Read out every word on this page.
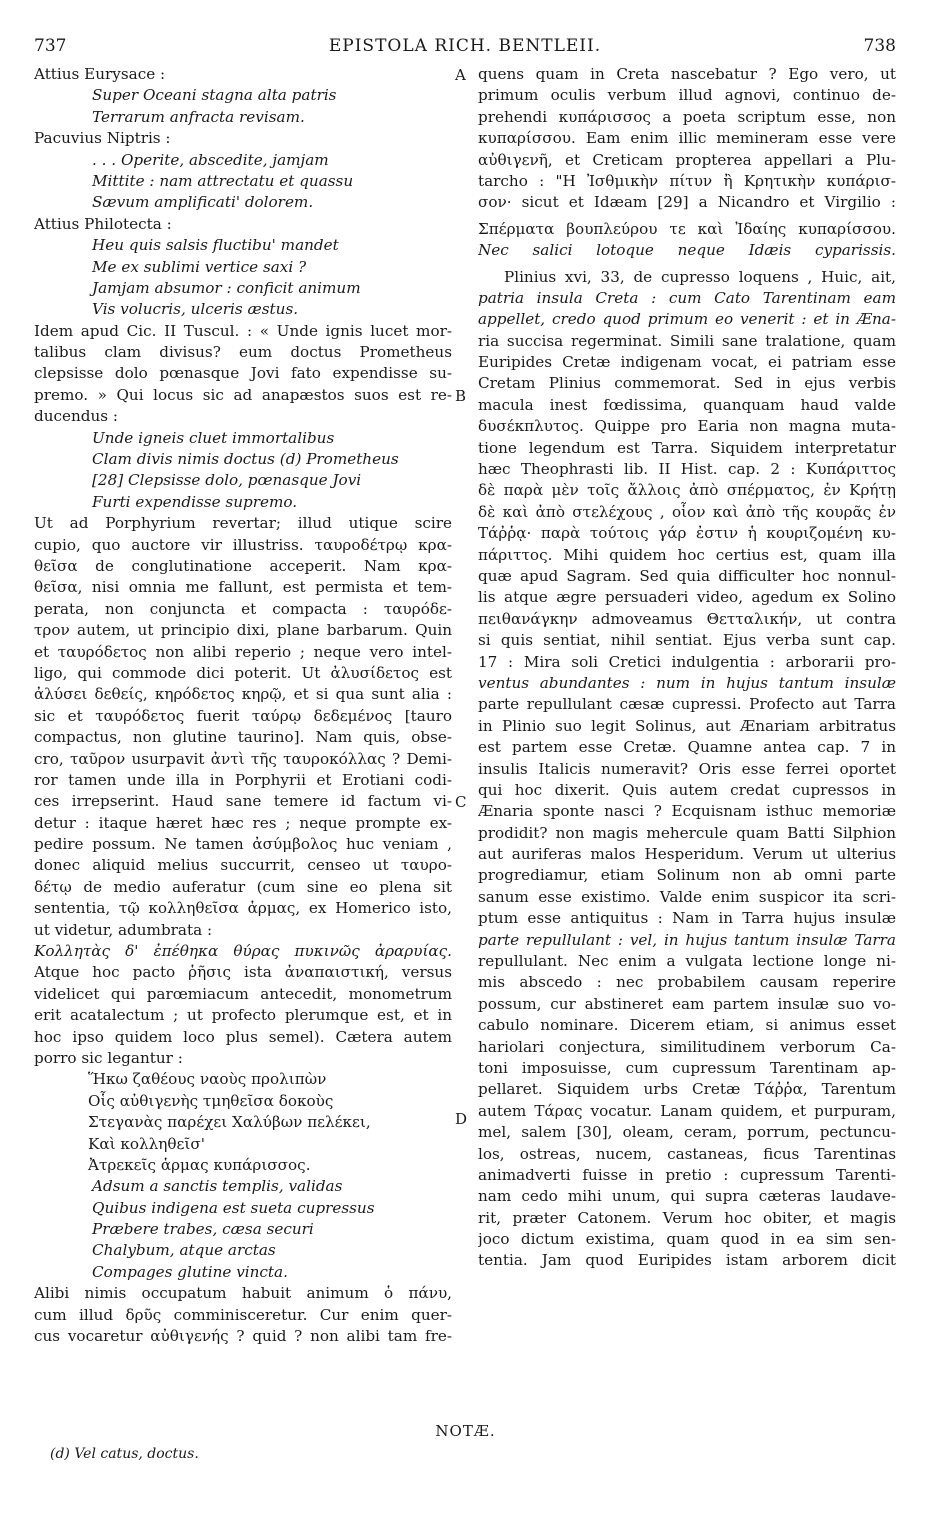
737	EPISTOLA RICH. BENTLEII.	738
Attius Eurysace :
Super Oceani stagna alta patris
Terrarum anfracta revisam.
Pacuvius Niptris :
. . . Operite, abscedite, jamjam
Mittite : nam attrectatu et quassu
Sævum amplificati' dolorem.
Attius Philotecta :
Heu quis salsis fluctibu' mandet
Me ex sublimi vertice saxi ?
Jamjam absumor : conficit animum
Vis volucris, ulceris æstus.
Idem apud Cic. II Tuscul. : « Unde ignis lucet mor-
talibus clam divisus? eum doctus Prometheus
clepsisse dolo pœnasque Jovi fato expendisse su-
premo. » Qui locus sic ad anapæstos suos est re-
ducendus :
Unde igneis cluet immortalibus
Clam divis nimis doctus (d) Prometheus
[28] Clepsisse dolo, pœnasque Jovi
Furti expendisse supremo.
Ut ad Porphyrium revertar; illud utique scire
cupio, quo auctore vir illustriss. ταυροδέτρῳ κρα-
θεῖσα de conglutinatione acceperit. Nam κρα-
θεῖσα, nisi omnia me fallunt, est permista et tem-
perata, non conjuncta et compacta : ταυρόδε-
τρον autem, ut principio dixi, plane barbarum. Quin
et ταυρόδετος non alibi reperio ; neque vero intel-
ligo, qui commode dici poterit. Ut ἀλυσίδετος est
ἀλύσει δεθείς, κηρόδετος κηρῷ, et si qua sunt alia :
sic et ταυρόδετος fuerit ταύρῳ δεδεμένος [tauro
compactus, non glutine taurino]. Nam quis, obse-
cro, ταῦρον usurpavit ἀντὶ τῆς ταυροκόλλας ? Demi-
ror tamen unde illa in Porphyrii et Erotiani codi-
ces irrepserint. Haud sane temere id factum vi-
detur : itaque hæret hæc res ; neque prompte ex-
pedire possum. Ne tamen ἀσύμβολος huc veniam ,
donec aliquid melius succurrit, censeo ut ταυρο-
δέτῳ de medio auferatur (cum sine eo plena sit
sententia, τῷ κολληθεῖσα ἁρμας, ex Homerico isto,
ut videtur, adumbrata :
Κολλητὰς δ' ἐπέθηκα θύρας πυκινῶς ἀραρυίας.
Atque hoc pacto ῥῆσις ista ἀναπαιστική, versus
videlicet qui parœmiacum antecedit, monometrum
erit acatalectum ; ut profecto plerumque est, et in
hoc ipso quidem loco plus semel). Cætera autem
porro sic legantur :
Ἥκω ζαθέους ναοὺς προλιπὼν
Οἷς αὐθιγενὴς τμηθεῖσα δοκοὺς
Στεγανὰς παρέχει Χαλύβων πελέκει,
Καὶ κολληθεῖσ'
Ἀτρεκεῖς ἁρμας κυπάρισσος.
Adsum a sanctis templis, validas
Quibus indigena est sueta cupressus
Præbere trabes, cæsa securi
Chalybum, atque arctas
Compages glutine vincta.
Alibi nimis occupatum habuit animum ὁ πάνυ,
cum illud δρῦς comminisceretur. Cur enim quer-
cus vocaretur αὐθιγενής ? quid ? non alibi tam fre-
quens quam in Creta nascebatur ? Ego vero, ut
primum oculis verbum illud agnovi, continuo de-
prehendi κυπάρισσος a poeta scriptum esse, non
κυπαρίσσου. Eam enim illic memineram esse vere
αὐθιγενῆ, et Creticam propterea appellari a Plu-
tarcho : "Η Ἰσθμικὴν πίτυν ἢ Κρητικὴν κυπάρισ-
σον· sicut et Idæam [29] a Nicandro et Virgilio :
Σπέρματα βουπλεύρου τε καὶ Ἰδαίης κυπαρίσσου.
Nec salici lotoque neque Idæis cyparissis.
Plinius xvi, 33, de cupresso loquens , Huic, ait,
patria insula Creta : cum Cato Tarentinam eam
appellet, credo quod primum eo venerit : et in Æna-
ria succisa regerminat. Simili sane tralatione, quam
Euripides Cretæ indigenam vocat, ei patriam esse
Cretam Plinius commemorat. Sed in ejus verbis
macula inest fœdissima, quanquam haud valde
δυσέκπλυτος. Quippe pro Earia non magna muta-
tione legendum est Tarra. Siquidem interpretatur
hæc Theophrasti lib. II Hist. cap. 2 : Κυπάριττος
δὲ παρὰ μὲν τοῖς ἄλλοις ἀπὸ σπέρματος, ἐν Κρήτῃ
δὲ καὶ ἀπὸ στελέχους , οἷον καὶ ἀπὸ τῆς κουρᾶς ἐν
Τάῤῥᾳ· παρὰ τούτοις γάρ ἐστιν ἡ κουριζομένη κυ-
πάριττος. Mihi quidem hoc certius est, quam illa
quæ apud Sagram. Sed quia difficulter hoc nonnul-
lis atque ægre persuaderi video, agedum ex Solino
πειθανάγκην admoveamus Θετταλικήν, ut contra
si quis sentiat, nihil sentiat. Ejus verba sunt cap.
17 : Mira soli Cretici indulgentia : arborarii pro-
ventus abundantes : num in hujus tantum insulæ
parte repullulant cæsæ cupressi. Profecto aut Tarra
in Plinio suo legit Solinus, aut Ænariam arbitratus
est partem esse Cretæ. Quamne antea cap. 7 in
insulis Italicis numeravit? Oris esse ferrei oportet
qui hoc dixerit. Quis autem credat cupressos in
Ænaria sponte nasci ? Ecquisnam isthuc memoriæ
prodidit? non magis mehercule quam Batti Silphion
aut auriferas malos Hesperidum. Verum ut ulterius
progrediamur, etiam Solinum non ab omni parte
sanum esse existimo. Valde enim suspicor ita scri-
ptum esse antiquitus : Nam in Tarra hujus insulæ
parte repullulant : vel, in hujus tantum insulæ Tarra
repullulant. Nec enim a vulgata lectione longe ni-
mis abscedo : nec probabilem causam reperire
possum, cur abstineret eam partem insulæ suo vo-
cabulo nominare. Dicerem etiam, si animus esset
hariolari conjectura, similitudinem verborum Ca-
toni imposuisse, cum cupressum Tarentinam ap-
pellaret. Siquidem urbs Cretæ Τάῤῥα, Tarentum
autem Τάρας vocatur. Lanam quidem, et purpuram,
mel, salem [30], oleam, ceram, porrum, pectuncu-
los, ostreas, nucem, castaneas, ficus Tarentinas
animadverti fuisse in pretio : cupressum Tarenti-
nam cedo mihi unum, qui supra cæteras laudave-
rit, præter Catonem. Verum hoc obiter, et magis
joco dictum existima, quam quod in ea sim sen-
tentia. Jam quod Euripides istam arborem dicit
A
B
C
D
NOTÆ.
(d) Vel catus, doctus.
